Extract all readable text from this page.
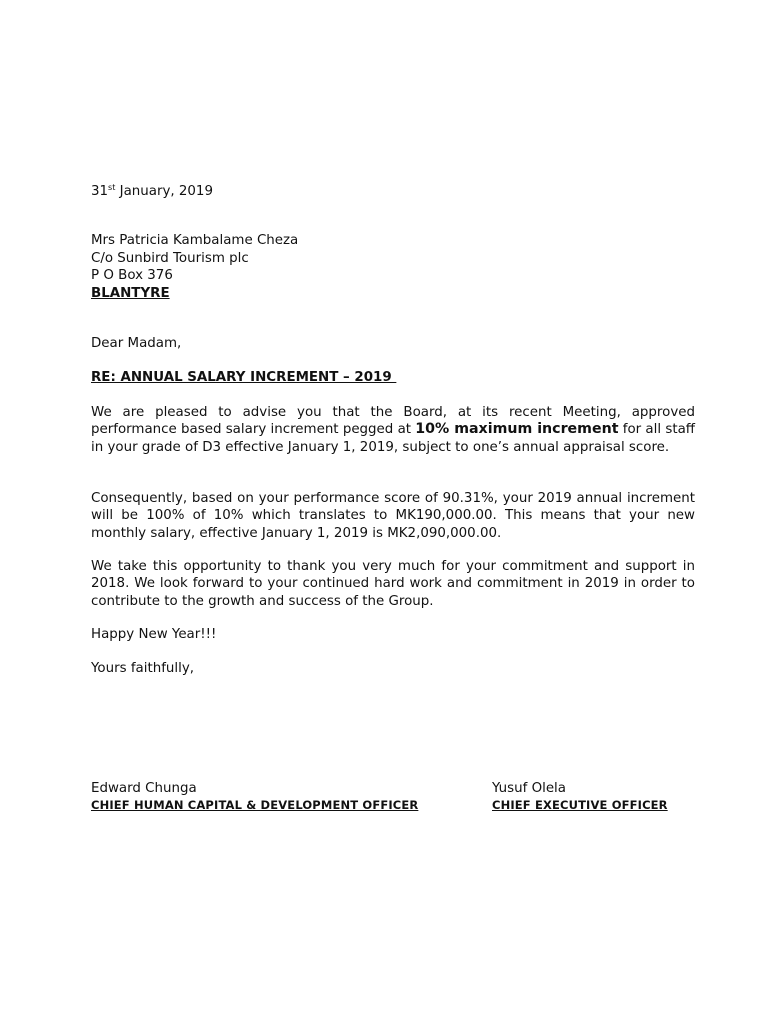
31st January, 2019
Mrs Patricia Kambalame Cheza
C/o Sunbird Tourism plc
P O Box 376
BLANTYRE
Dear Madam,
RE: ANNUAL SALARY INCREMENT – 2019
We are pleased to advise you that the Board, at its recent Meeting, approved performance based salary increment pegged at 10% maximum increment for all staff in your grade of D3 effective January 1, 2019, subject to one’s annual appraisal score.
Consequently, based on your performance score of 90.31%, your 2019 annual increment will be 100% of 10% which translates to MK190,000.00. This means that your new monthly salary, effective January 1, 2019 is MK2,090,000.00.
We take this opportunity to thank you very much for your commitment and support in 2018. We look forward to your continued hard work and commitment in 2019 in order to contribute to the growth and success of the Group.
Happy New Year!!!
Yours faithfully,
Edward Chunga
CHIEF HUMAN CAPITAL & DEVELOPMENT OFFICER
Yusuf Olela
CHIEF EXECUTIVE OFFICER
